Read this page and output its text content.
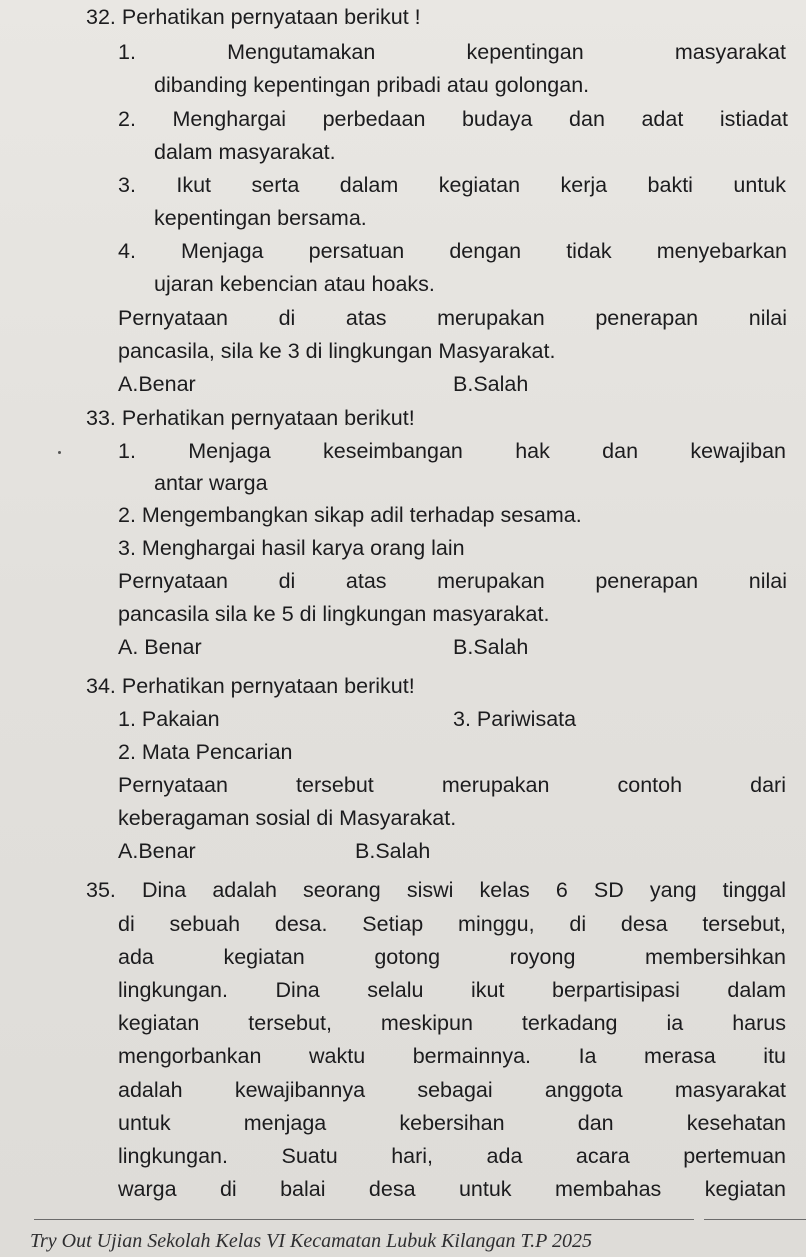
32. Perhatikan pernyataan berikut !
1. Mengutamakan kepentingan masyarakat
dibanding kepentingan pribadi atau golongan.
2. Menghargai perbedaan budaya dan adat istiadat
dalam masyarakat.
3. Ikut serta dalam kegiatan kerja bakti untuk
kepentingan bersama.
4. Menjaga persatuan dengan tidak menyebarkan
ujaran kebencian atau hoaks.
Pernyataan di atas merupakan penerapan nilai
pancasila, sila ke 3 di lingkungan Masyarakat.
A.Benar	B.Salah
33. Perhatikan pernyataan berikut!
1. Menjaga keseimbangan hak dan kewajiban
antar warga
2. Mengembangkan sikap adil terhadap sesama.
3. Menghargai hasil karya orang lain
Pernyataan di atas merupakan penerapan nilai
pancasila sila ke 5 di lingkungan masyarakat.
A. Benar	B.Salah
34. Perhatikan pernyataan berikut!
1. Pakaian	3. Pariwisata
2. Mata Pencarian
Pernyataan tersebut merupakan contoh dari
keberagaman sosial di Masyarakat.
A.Benar	B.Salah
35. Dina adalah seorang siswi kelas 6 SD yang tinggal
di sebuah desa. Setiap minggu, di desa tersebut,
ada kegiatan gotong royong membersihkan
lingkungan. Dina selalu ikut berpartisipasi dalam
kegiatan tersebut, meskipun terkadang ia harus
mengorbankan waktu bermainnya. Ia merasa itu
adalah kewajibannya sebagai anggota masyarakat
untuk menjaga kebersihan dan kesehatan
lingkungan. Suatu hari, ada acara pertemuan
warga di balai desa untuk membahas kegiatan
Try Out Ujian Sekolah Kelas VI Kecamatan Lubuk Kilangan T.P 2025
